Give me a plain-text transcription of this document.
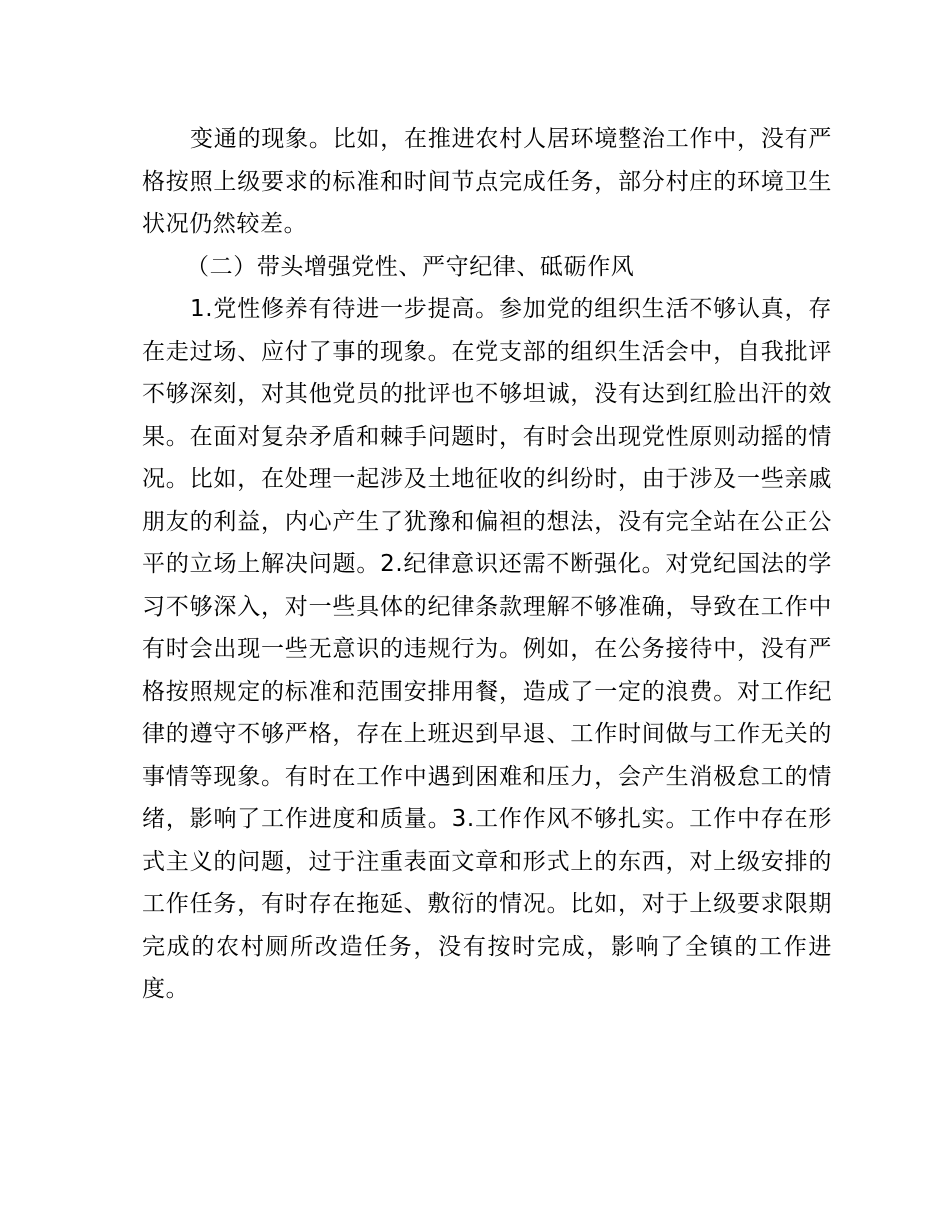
变通的现象。比如，在推进农村人居环境整治工作中，没有严格按照上级要求的标准和时间节点完成任务，部分村庄的环境卫生状况仍然较差。

（二）带头增强党性、严守纪律、砥砺作风

1.党性修养有待进一步提高。参加党的组织生活不够认真，存在走过场、应付了事的现象。在党支部的组织生活会中，自我批评不够深刻，对其他党员的批评也不够坦诚，没有达到红脸出汗的效果。在面对复杂矛盾和棘手问题时，有时会出现党性原则动摇的情况。比如，在处理一起涉及土地征收的纠纷时，由于涉及一些亲戚朋友的利益，内心产生了犹豫和偏袒的想法，没有完全站在公正公平的立场上解决问题。2.纪律意识还需不断强化。对党纪国法的学习不够深入，对一些具体的纪律条款理解不够准确，导致在工作中有时会出现一些无意识的违规行为。例如，在公务接待中，没有严格按照规定的标准和范围安排用餐，造成了一定的浪费。对工作纪律的遵守不够严格，存在上班迟到早退、工作时间做与工作无关的事情等现象。有时在工作中遇到困难和压力，会产生消极怠工的情绪，影响了工作进度和质量。3.工作作风不够扎实。工作中存在形式主义的问题，过于注重表面文章和形式上的东西，对上级安排的工作任务，有时存在拖延、敷衍的情况。比如，对于上级要求限期完成的农村厕所改造任务，没有按时完成，影响了全镇的工作进度。
